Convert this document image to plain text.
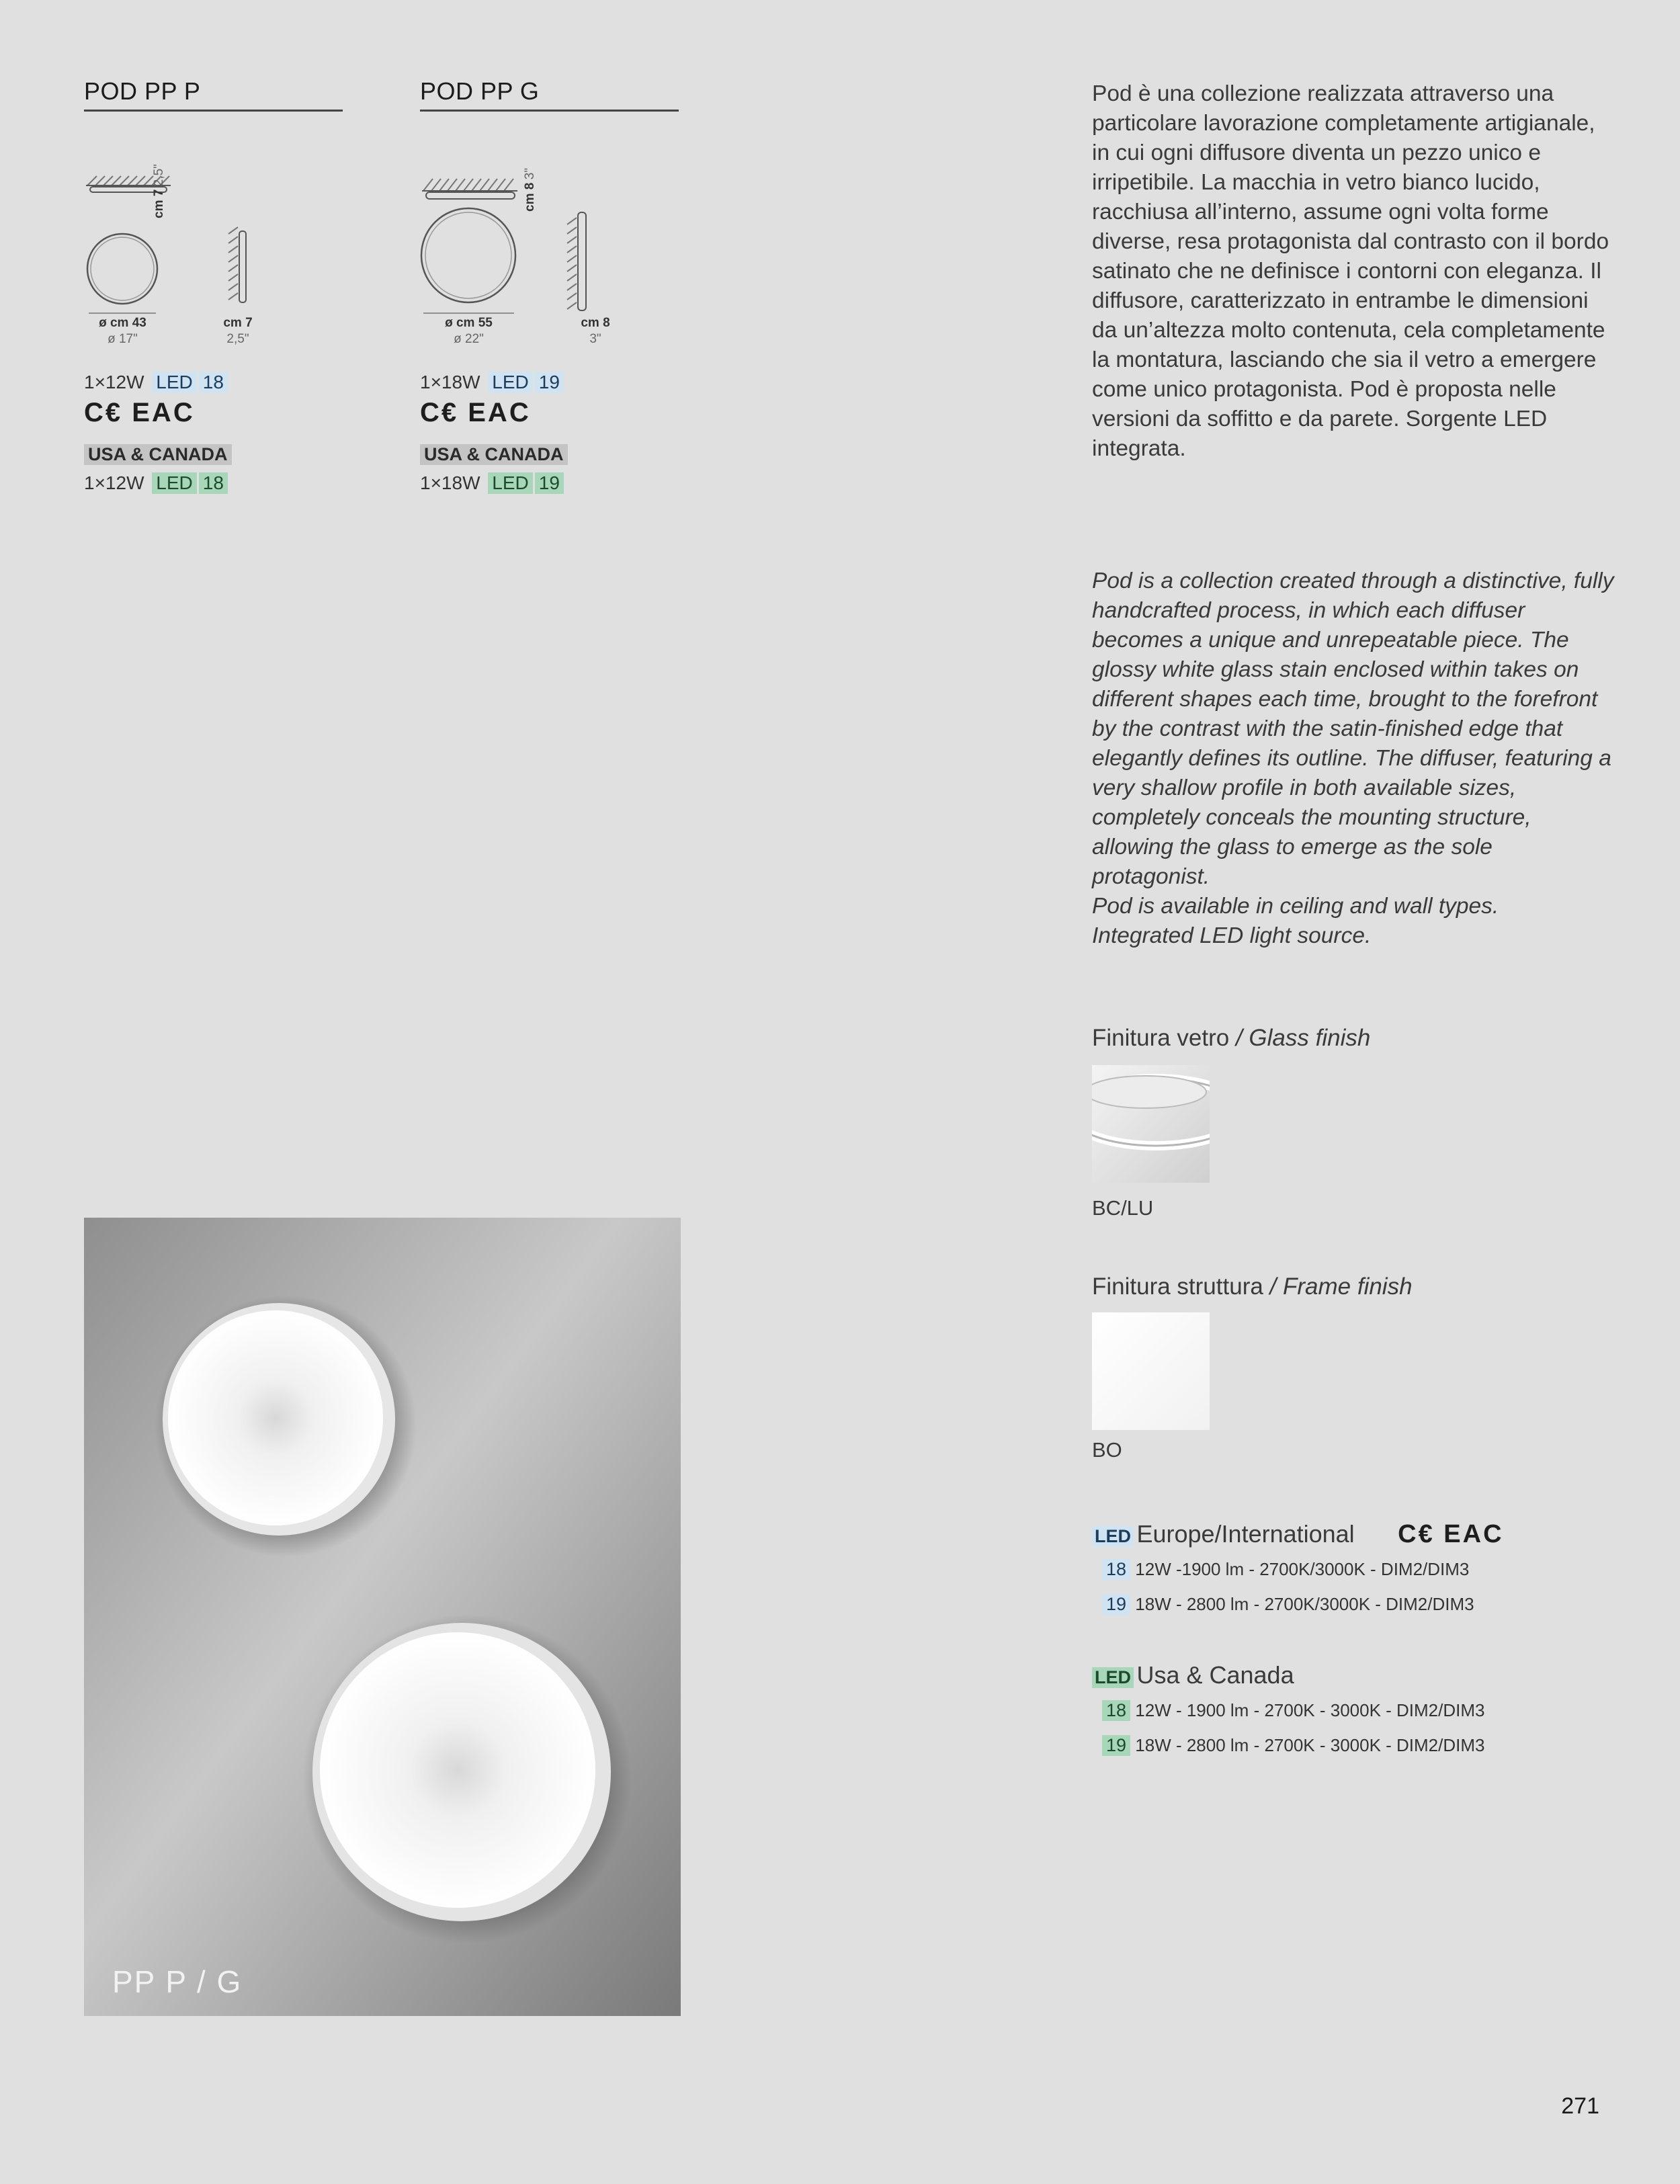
POD PP P
cm 7 2,5"
ø cm 43
ø 17"
cm 7
2,5"
1×12W LED 18
C€ EAC
USA & CANADA
1×12W LED 18
POD PP G
cm 8 3"
ø cm 55
ø 22"
cm 8
3"
1×18W LED 19
C€ EAC
USA & CANADA
1×18W LED 19
PP P / G
Pod è una collezione realizzata attraverso una particolare lavorazione completamente artigianale, in cui ogni diffusore diventa un pezzo unico e irripetibile. La macchia in vetro bianco lucido, racchiusa all’interno, assume ogni volta forme diverse, resa protagonista dal contrasto con il bordo satinato che ne definisce i contorni con eleganza. Il diffusore, caratterizzato in entrambe le dimensioni da un’altezza molto contenuta, cela completamente la montatura, lasciando che sia il vetro a emergere come unico protagonista. Pod è proposta nelle versioni da soffitto e da parete. Sorgente LED integrata.
Pod is a collection created through a distinctive, fully handcrafted process, in which each diffuser becomes a unique and unrepeatable piece. The glossy white glass stain enclosed within takes on different shapes each time, brought to the forefront by the contrast with the satin-finished edge that elegantly defines its outline. The diffuser, featuring a very shallow profile in both available sizes, completely conceals the mounting structure, allowing the glass to emerge as the sole protagonist.
Pod is available in ceiling and wall types.
Integrated LED light source.
Finitura vetro / Glass finish
BC/LU
Finitura struttura / Frame finish
BO
LED Europe/International C€ EAC
18 12W -1900 lm - 2700K/3000K - DIM2/DIM3
19 18W - 2800 lm - 2700K/3000K - DIM2/DIM3
LED Usa & Canada
18 12W - 1900 lm - 2700K - 3000K - DIM2/DIM3
19 18W - 2800 lm - 2700K - 3000K - DIM2/DIM3
271
